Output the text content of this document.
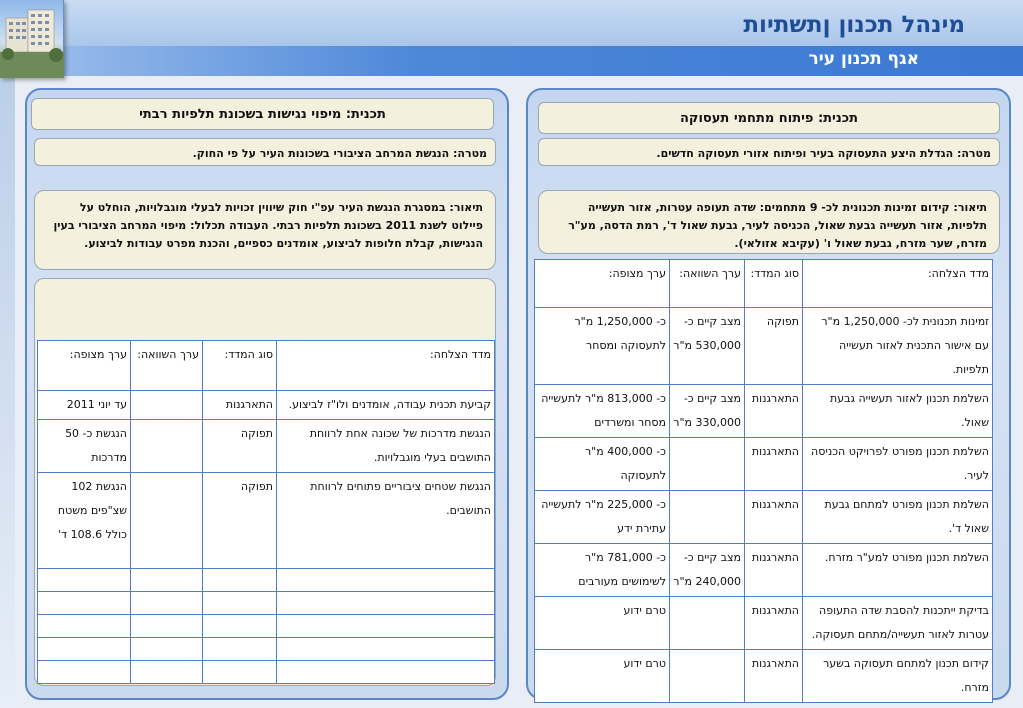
מינהל תכנון ןתשתיות
אגף תכנון עיר
תכנית: מיפוי נגישות בשכונת תלפיות רבתי
מטרה: הנגשת המרחב הציבורי בשכונות העיר על פי החוק.
תיאור: במסגרת הנגשת העיר עפ"י חוק שיווין זכויות לבעלי מוגבלויות, הוחלט על פיילוט לשנת 2011 בשכונת תלפיות רבתי. העבודה תכלול: מיפוי המרחב הציבורי בעין הנגישות, קבלת חלופות לביצוע, אומדנים כספיים, והכנת מפרט עבודות לביצוע.
מדד הצלחה:	סוג המדד:	ערך השוואה:	ערך מצופה:
קביעת תכנית עבודה, אומדנים ולו"ז לביצוע.	התארגנות		עד יוני 2011
הנגשת מדרכות של שכונה אחת לרווחת התושבים בעלי מוגבלויות.	תפוקה		הנגשת כ- 50 מדרכות
הנגשת שטחים ציבוריים פתוחים לרווחת התושבים.	תפוקה		הנגשת 102 שצ"פים משטח כולל 108.6 ד'

תכנית: פיתוח מתחמי תעסוקה
מטרה: הגדלת היצע התעסוקה בעיר ופיתוח אזורי תעסוקה חדשים.
תיאור: קידום זמינות תכנונית לכ- 9 מתחמים: שדה תעופה עטרות, אזור תעשייה תלפיות, אזור תעשייה גבעת שאול, הכניסה לעיר, גבעת שאול ד', רמת הדסה, מע"ר מזרח, שער מזרח, גבעת שאול ו' (עקיבא אזולאי).
מדד הצלחה:	סוג המדד:	ערך השוואה:	ערך מצופה:
זמינות תכנונית לכ- 1,250,000 מ"ר עם אישור התכנית לאזור תעשייה תלפיות.	תפוקה	מצב קיים כ- 530,000 מ"ר	כ- 1,250,000 מ"ר לתעסוקה ומסחר
השלמת תכנון לאזור תעשייה גבעת שאול.	התארגנות	מצב קיים כ- 330,000 מ"ר	כ- 813,000 מ"ר לתעשייה מסחר ומשרדים
השלמת תכנון מפורט לפרויקט הכניסה לעיר.	התארגנות		כ- 400,000 מ"ר לתעסוקה
השלמת תכנון מפורט למתחם גבעת שאול ד'.	התארגנות		כ- 225,000 מ"ר לתעשייה עתירת ידע
השלמת תכנון מפורט למע"ר מזרח.	התארגנות	מצב קיים כ- 240,000 מ"ר	כ- 781,000 מ"ר לשימושים מעורבים
בדיקת ייתכנות להסבת שדה התעופה עטרות לאזור תעשייה/מתחם תעסוקה.	התארגנות		טרם ידוע
קידום תכנון למתחם תעסוקה בשער מזרח.	התארגנות		טרם ידוע
